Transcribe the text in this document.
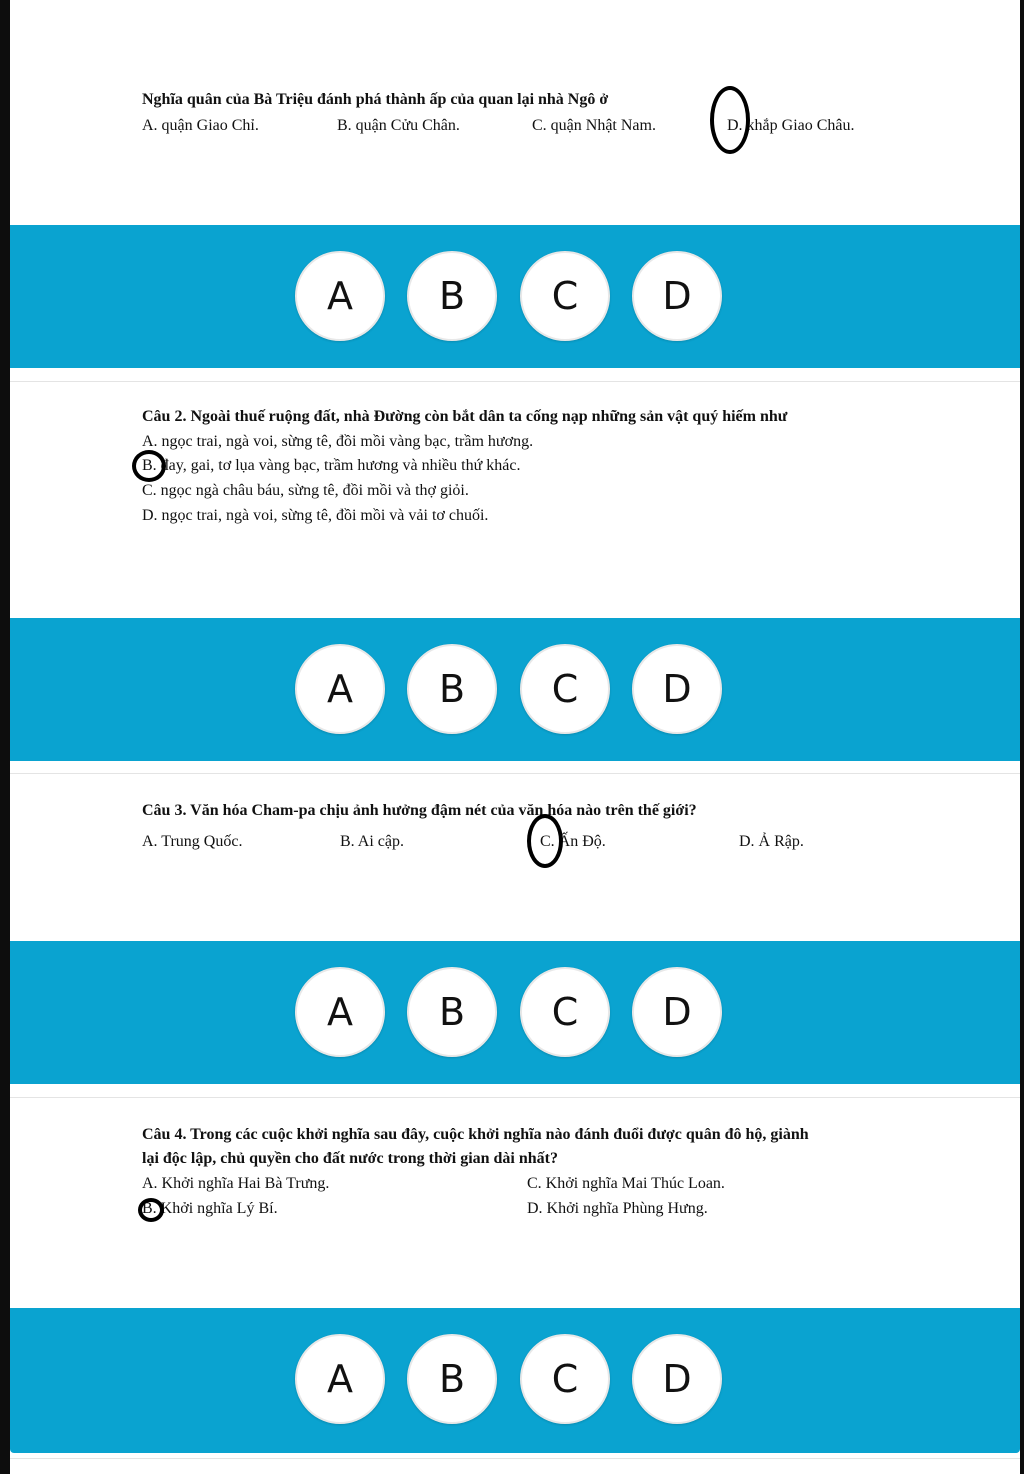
Nghĩa quân của Bà Triệu đánh phá thành ấp của quan lại nhà Ngô ở
A. quận Giao Chỉ.	B. quận Cửu Chân.	C. quận Nhật Nam.	D. khắp Giao Châu.
A	B	C	D
Câu 2. Ngoài thuế ruộng đất, nhà Đường còn bắt dân ta cống nạp những sản vật quý hiếm như
A. ngọc trai, ngà voi, sừng tê, đồi mồi vàng bạc, trầm hương.
B. đay, gai, tơ lụa vàng bạc, trầm hương và nhiều thứ khác.
C. ngọc ngà châu báu, sừng tê, đồi mồi và thợ giỏi.
D. ngọc trai, ngà voi, sừng tê, đồi mồi và vải tơ chuối.
A	B	C	D
Câu 3. Văn hóa Cham-pa chịu ảnh hưởng đậm nét của văn hóa nào trên thế giới?
A. Trung Quốc.	B. Ai cập.	C. Ấn Độ.	D. Ả Rập.
A	B	C	D
Câu 4. Trong các cuộc khởi nghĩa sau đây, cuộc khởi nghĩa nào đánh đuổi được quân đô hộ, giành
lại độc lập, chủ quyền cho đất nước trong thời gian dài nhất?
A. Khởi nghĩa Hai Bà Trưng.
B. Khởi nghĩa Lý Bí.
C. Khởi nghĩa Mai Thúc Loan.
D. Khởi nghĩa Phùng Hưng.
A	B	C	D
